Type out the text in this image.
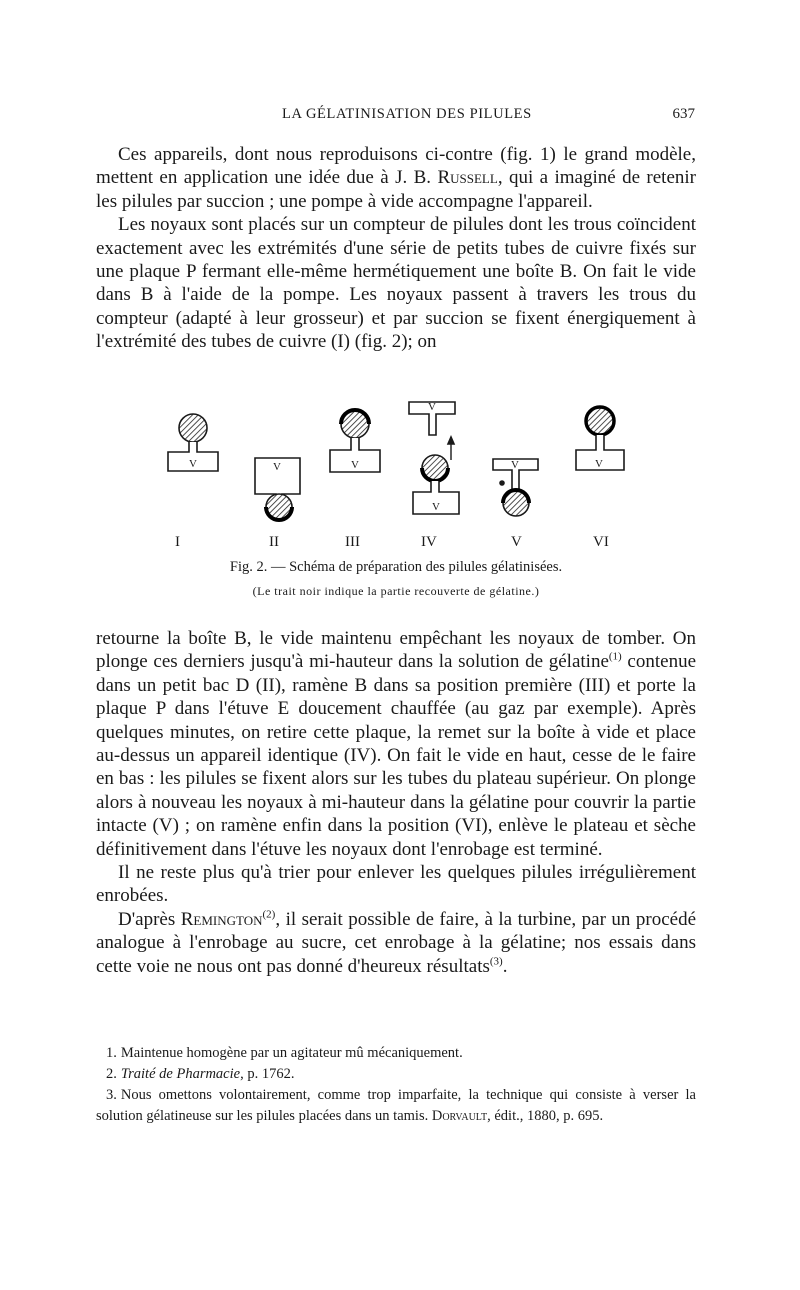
LA GÉLATINISATION DES PILULES	637

Ces appareils, dont nous reproduisons ci-contre (fig. 1) le grand modèle, mettent en application une idée due à J. B. Russell, qui a imaginé de retenir les pilules par succion ; une pompe à vide accompagne l'appareil.

Les noyaux sont placés sur un compteur de pilules dont les trous coïncident exactement avec les extrémités d'une série de petits tubes de cuivre fixés sur une plaque P fermant elle-même hermétiquement une boîte B. On fait le vide dans B à l'aide de la pompe. Les noyaux passent à travers les trous du compteur (adapté à leur grosseur) et par succion se fixent énergiquement à l'extrémité des tubes de cuivre (I) (fig. 2); on

V	V	V
V
V
V	V
I	II	III	IV	V	VI
Fig. 2. — Schéma de préparation des pilules gélatinisées.
(Le trait noir indique la partie recouverte de gélatine.)

retourne la boîte B, le vide maintenu empêchant les noyaux de tomber. On plonge ces derniers jusqu'à mi-hauteur dans la solution de gélatine$^{(1)}$ contenue dans un petit bac D (II), ramène B dans sa position première (III) et porte la plaque P dans l'étuve E doucement chauffée (au gaz par exemple). Après quelques minutes, on retire cette plaque, la remet sur la boîte à vide et place au-dessus un appareil identique (IV). On fait le vide en haut, cesse de le faire en bas : les pilules se fixent alors sur les tubes du plateau supérieur. On plonge alors à nouveau les noyaux à mi-hauteur dans la gélatine pour couvrir la partie intacte (V) ; on ramène enfin dans la position (VI), enlève le plateau et sèche définitivement dans l'étuve les noyaux dont l'enrobage est terminé.

Il ne reste plus qu'à trier pour enlever les quelques pilules irrégulièrement enrobées.

D'après Remington$^{(2)}$, il serait possible de faire, à la turbine, par un procédé analogue à l'enrobage au sucre, cet enrobage à la gélatine; nos essais dans cette voie ne nous ont pas donné d'heureux résultats$^{(3)}$.

1. Maintenue homogène par un agitateur mû mécaniquement.

2. Traité de Pharmacie, p. 1762.

3. Nous omettons volontairement, comme trop imparfaite, la technique qui consiste à verser la solution gélatineuse sur les pilules placées dans un tamis. Dorvault, édit., 1880, p. 695.
